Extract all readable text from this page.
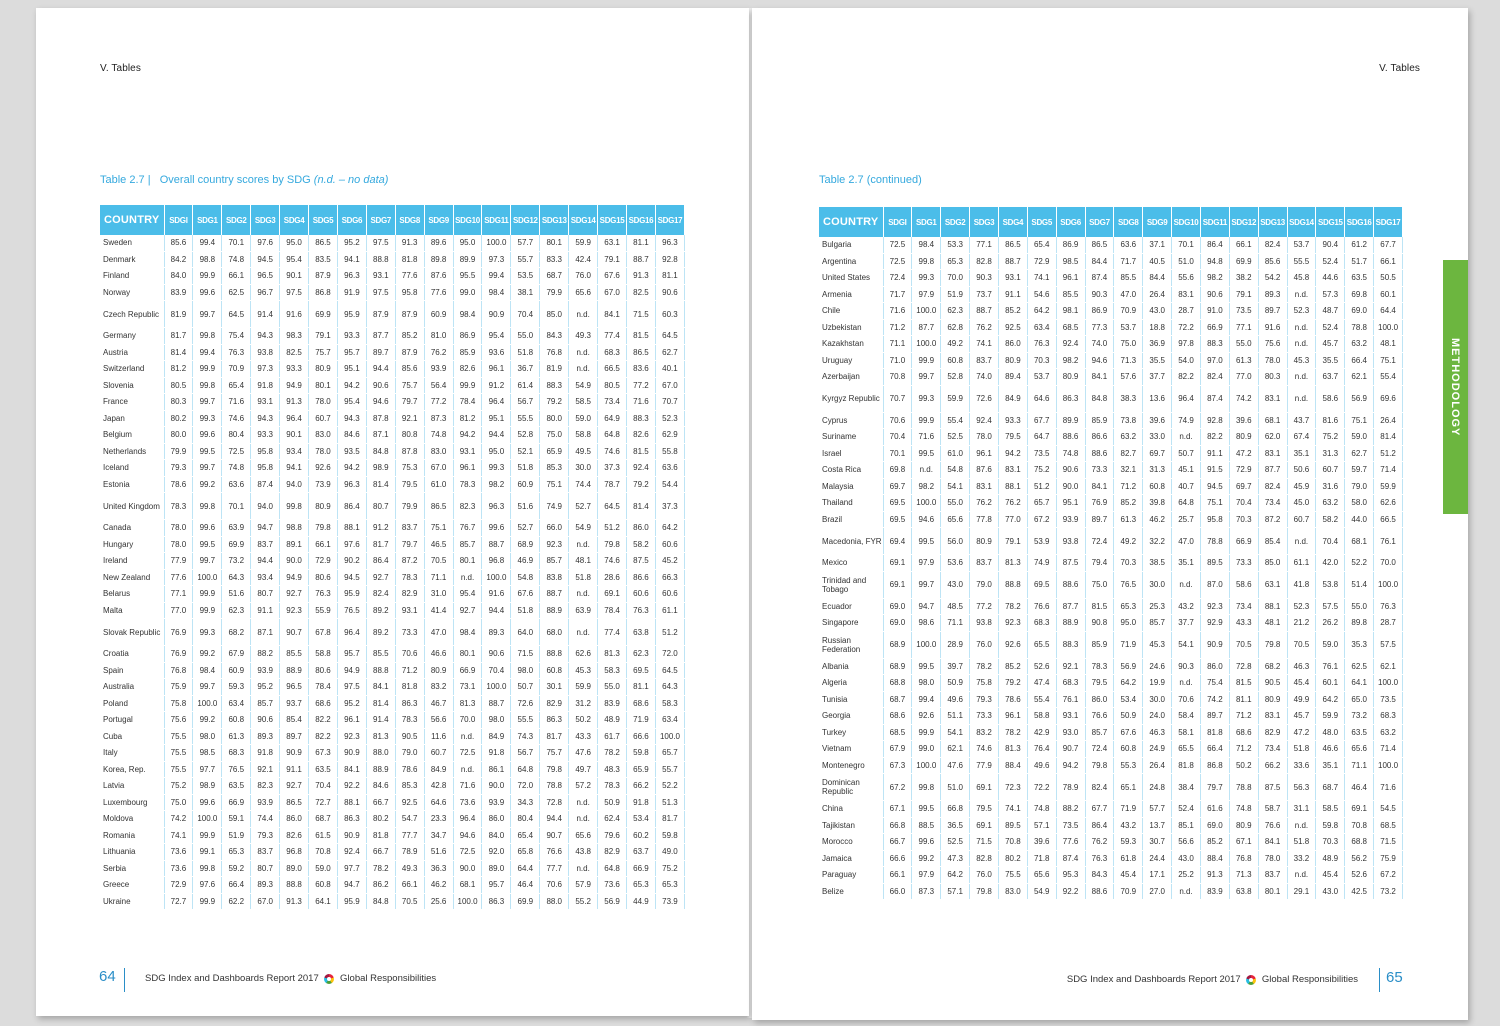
V. Tables
Table 2.7 | Overall country scores by SDG (n.d. – no data)
COUNTRY	SDGI	SDG1	SDG2	SDG3	SDG4	SDG5	SDG6	SDG7	SDG8	SDG9	SDG10	SDG11	SDG12	SDG13	SDG14	SDG15	SDG16	SDG17
Sweden	85.6	99.4	70.1	97.6	95.0	86.5	95.2	97.5	91.3	89.6	95.0	100.0	57.7	80.1	59.9	63.1	81.1	96.3
Denmark	84.2	98.8	74.8	94.5	95.4	83.5	94.1	88.8	81.8	89.8	89.9	97.3	55.7	83.3	42.4	79.1	88.7	92.8
Finland	84.0	99.9	66.1	96.5	90.1	87.9	96.3	93.1	77.6	87.6	95.5	99.4	53.5	68.7	76.0	67.6	91.3	81.1
Norway	83.9	99.6	62.5	96.7	97.5	86.8	91.9	97.5	95.8	77.6	99.0	98.4	38.1	79.9	65.6	67.0	82.5	90.6
Czech Republic	81.9	99.7	64.5	91.4	91.6	69.9	95.9	87.9	87.9	60.9	98.4	90.9	70.4	85.0	n.d.	84.1	71.5	60.3
Germany	81.7	99.8	75.4	94.3	98.3	79.1	93.3	87.7	85.2	81.0	86.9	95.4	55.0	84.3	49.3	77.4	81.5	64.5
Austria	81.4	99.4	76.3	93.8	82.5	75.7	95.7	89.7	87.9	76.2	85.9	93.6	51.8	76.8	n.d.	68.3	86.5	62.7
Switzerland	81.2	99.9	70.9	97.3	93.3	80.9	95.1	94.4	85.6	93.9	82.6	96.1	36.7	81.9	n.d.	66.5	83.6	40.1
Slovenia	80.5	99.8	65.4	91.8	94.9	80.1	94.2	90.6	75.7	56.4	99.9	91.2	61.4	88.3	54.9	80.5	77.2	67.0
France	80.3	99.7	71.6	93.1	91.3	78.0	95.4	94.6	79.7	77.2	78.4	96.4	56.7	79.2	58.5	73.4	71.6	70.7
Japan	80.2	99.3	74.6	94.3	96.4	60.7	94.3	87.8	92.1	87.3	81.2	95.1	55.5	80.0	59.0	64.9	88.3	52.3
Belgium	80.0	99.6	80.4	93.3	90.1	83.0	84.6	87.1	80.8	74.8	94.2	94.4	52.8	75.0	58.8	64.8	82.6	62.9
Netherlands	79.9	99.5	72.5	95.8	93.4	78.0	93.5	84.8	87.8	83.0	93.1	95.0	52.1	65.9	49.5	74.6	81.5	55.8
Iceland	79.3	99.7	74.8	95.8	94.1	92.6	94.2	98.9	75.3	67.0	96.1	99.3	51.8	85.3	30.0	37.3	92.4	63.6
Estonia	78.6	99.2	63.6	87.4	94.0	73.9	96.3	81.4	79.5	61.0	78.3	98.2	60.9	75.1	74.4	78.7	79.2	54.4
United Kingdom	78.3	99.8	70.1	94.0	99.8	80.9	86.4	80.7	79.9	86.5	82.3	96.3	51.6	74.9	52.7	64.5	81.4	37.3
Canada	78.0	99.6	63.9	94.7	98.8	79.8	88.1	91.2	83.7	75.1	76.7	99.6	52.7	66.0	54.9	51.2	86.0	64.2
Hungary	78.0	99.5	69.9	83.7	89.1	66.1	97.6	81.7	79.7	46.5	85.7	88.7	68.9	92.3	n.d.	79.8	58.2	60.6
Ireland	77.9	99.7	73.2	94.4	90.0	72.9	90.2	86.4	87.2	70.5	80.1	96.8	46.9	85.7	48.1	74.6	87.5	45.2
New Zealand	77.6	100.0	64.3	93.4	94.9	80.6	94.5	92.7	78.3	71.1	n.d.	100.0	54.8	83.8	51.8	28.6	86.6	66.3
Belarus	77.1	99.9	51.6	80.7	92.7	76.3	95.9	82.4	82.9	31.0	95.4	91.6	67.6	88.7	n.d.	69.1	60.6	60.6
Malta	77.0	99.9	62.3	91.1	92.3	55.9	76.5	89.2	93.1	41.4	92.7	94.4	51.8	88.9	63.9	78.4	76.3	61.1
Slovak Republic	76.9	99.3	68.2	87.1	90.7	67.8	96.4	89.2	73.3	47.0	98.4	89.3	64.0	68.0	n.d.	77.4	63.8	51.2
Croatia	76.9	99.2	67.9	88.2	85.5	58.8	95.7	85.5	70.6	46.6	80.1	90.6	71.5	88.8	62.6	81.3	62.3	72.0
Spain	76.8	98.4	60.9	93.9	88.9	80.6	94.9	88.8	71.2	80.9	66.9	70.4	98.0	60.8	45.3	58.3	69.5	64.5
Australia	75.9	99.7	59.3	95.2	96.5	78.4	97.5	84.1	81.8	83.2	73.1	100.0	50.7	30.1	59.9	55.0	81.1	64.3
Poland	75.8	100.0	63.4	85.7	93.7	68.6	95.2	81.4	86.3	46.7	81.3	88.7	72.6	82.9	31.2	83.9	68.6	58.3
Portugal	75.6	99.2	60.8	90.6	85.4	82.2	96.1	91.4	78.3	56.6	70.0	98.0	55.5	86.3	50.2	48.9	71.9	63.4
Cuba	75.5	98.0	61.3	89.3	89.7	82.2	92.3	81.3	90.5	11.6	n.d.	84.9	74.3	81.7	43.3	61.7	66.6	100.0
Italy	75.5	98.5	68.3	91.8	90.9	67.3	90.9	88.0	79.0	60.7	72.5	91.8	56.7	75.7	47.6	78.2	59.8	65.7
Korea, Rep.	75.5	97.7	76.5	92.1	91.1	63.5	84.1	88.9	78.6	84.9	n.d.	86.1	64.8	79.8	49.7	48.3	65.9	55.7
Latvia	75.2	98.9	63.5	82.3	92.7	70.4	92.2	84.6	85.3	42.8	71.6	90.0	72.0	78.8	57.2	78.3	66.2	52.2
Luxembourg	75.0	99.6	66.9	93.9	86.5	72.7	88.1	66.7	92.5	64.6	73.6	93.9	34.3	72.8	n.d.	50.9	91.8	51.3
Moldova	74.2	100.0	59.1	74.4	86.0	68.7	86.3	80.2	54.7	23.3	96.4	86.0	80.4	94.4	n.d.	62.4	53.4	81.7
Romania	74.1	99.9	51.9	79.3	82.6	61.5	90.9	81.8	77.7	34.7	94.6	84.0	65.4	90.7	65.6	79.6	60.2	59.8
Lithuania	73.6	99.1	65.3	83.7	96.8	70.8	92.4	66.7	78.9	51.6	72.5	92.0	65.8	76.6	43.8	82.9	63.7	49.0
Serbia	73.6	99.8	59.2	80.7	89.0	59.0	97.7	78.2	49.3	36.3	90.0	89.0	64.4	77.7	n.d.	64.8	66.9	75.2
Greece	72.9	97.6	66.4	89.3	88.8	60.8	94.7	86.2	66.1	46.2	68.1	95.7	46.4	70.6	57.9	73.6	65.3	65.3
Ukraine	72.7	99.9	62.2	67.0	91.3	64.1	95.9	84.8	70.5	25.6	100.0	86.3	69.9	88.0	55.2	56.9	44.9	73.9
64	SDG Index and Dashboards Report 2017 Global Responsibilities
V. Tables
Table 2.7 (continued)
COUNTRY	SDGI	SDG1	SDG2	SDG3	SDG4	SDG5	SDG6	SDG7	SDG8	SDG9	SDG10	SDG11	SDG12	SDG13	SDG14	SDG15	SDG16	SDG17
Bulgaria	72.5	98.4	53.3	77.1	86.5	65.4	86.9	86.5	63.6	37.1	70.1	86.4	66.1	82.4	53.7	90.4	61.2	67.7
Argentina	72.5	99.8	65.3	82.8	88.7	72.9	98.5	84.4	71.7	40.5	51.0	94.8	69.9	85.6	55.5	52.4	51.7	66.1
United States	72.4	99.3	70.0	90.3	93.1	74.1	96.1	87.4	85.5	84.4	55.6	98.2	38.2	54.2	45.8	44.6	63.5	50.5
Armenia	71.7	97.9	51.9	73.7	91.1	54.6	85.5	90.3	47.0	26.4	83.1	90.6	79.1	89.3	n.d.	57.3	69.8	60.1
Chile	71.6	100.0	62.3	88.7	85.2	64.2	98.1	86.9	70.9	43.0	28.7	91.0	73.5	89.7	52.3	48.7	69.0	64.4
Uzbekistan	71.2	87.7	62.8	76.2	92.5	63.4	68.5	77.3	53.7	18.8	72.2	66.9	77.1	91.6	n.d.	52.4	78.8	100.0
Kazakhstan	71.1	100.0	49.2	74.1	86.0	76.3	92.4	74.0	75.0	36.9	97.8	88.3	55.0	75.6	n.d.	45.7	63.2	48.1
Uruguay	71.0	99.9	60.8	83.7	80.9	70.3	98.2	94.6	71.3	35.5	54.0	97.0	61.3	78.0	45.3	35.5	66.4	75.1
Azerbaijan	70.8	99.7	52.8	74.0	89.4	53.7	80.9	84.1	57.6	37.7	82.2	82.4	77.0	80.3	n.d.	63.7	62.1	55.4
Kyrgyz Republic	70.7	99.3	59.9	72.6	84.9	64.6	86.3	84.8	38.3	13.6	96.4	87.4	74.2	83.1	n.d.	58.6	56.9	69.6
Cyprus	70.6	99.9	55.4	92.4	93.3	67.7	89.9	85.9	73.8	39.6	74.9	92.8	39.6	68.1	43.7	81.6	75.1	26.4
Suriname	70.4	71.6	52.5	78.0	79.5	64.7	88.6	86.6	63.2	33.0	n.d.	82.2	80.9	62.0	67.4	75.2	59.0	81.4
Israel	70.1	99.5	61.0	96.1	94.2	73.5	74.8	88.6	82.7	69.7	50.7	91.1	47.2	83.1	35.1	31.3	62.7	51.2
Costa Rica	69.8	n.d.	54.8	87.6	83.1	75.2	90.6	73.3	32.1	31.3	45.1	91.5	72.9	87.7	50.6	60.7	59.7	71.4
Malaysia	69.7	98.2	54.1	83.1	88.1	51.2	90.0	84.1	71.2	60.8	40.7	94.5	69.7	82.4	45.9	31.6	79.0	59.9
Thailand	69.5	100.0	55.0	76.2	76.2	65.7	95.1	76.9	85.2	39.8	64.8	75.1	70.4	73.4	45.0	63.2	58.0	62.6
Brazil	69.5	94.6	65.6	77.8	77.0	67.2	93.9	89.7	61.3	46.2	25.7	95.8	70.3	87.2	60.7	58.2	44.0	66.5
Macedonia, FYR	69.4	99.5	56.0	80.9	79.1	53.9	93.8	72.4	49.2	32.2	47.0	78.8	66.9	85.4	n.d.	70.4	68.1	76.1
Mexico	69.1	97.9	53.6	83.7	81.3	74.9	87.5	79.4	70.3	38.5	35.1	89.5	73.3	85.0	61.1	42.0	52.2	70.0
Trinidad and Tobago	69.1	99.7	43.0	79.0	88.8	69.5	88.6	75.0	76.5	30.0	n.d.	87.0	58.6	63.1	41.8	53.8	51.4	100.0
Ecuador	69.0	94.7	48.5	77.2	78.2	76.6	87.7	81.5	65.3	25.3	43.2	92.3	73.4	88.1	52.3	57.5	55.0	76.3
Singapore	69.0	98.6	71.1	93.8	92.3	68.3	88.9	90.8	95.0	85.7	37.7	92.9	43.3	48.1	21.2	26.2	89.8	28.7
Russian Federation	68.9	100.0	28.9	76.0	92.6	65.5	88.3	85.9	71.9	45.3	54.1	90.9	70.5	79.8	70.5	59.0	35.3	57.5
Albania	68.9	99.5	39.7	78.2	85.2	52.6	92.1	78.3	56.9	24.6	90.3	86.0	72.8	68.2	46.3	76.1	62.5	62.1
Algeria	68.8	98.0	50.9	75.8	79.2	47.4	68.3	79.5	64.2	19.9	n.d.	75.4	81.5	90.5	45.4	60.1	64.1	100.0
Tunisia	68.7	99.4	49.6	79.3	78.6	55.4	76.1	86.0	53.4	30.0	70.6	74.2	81.1	80.9	49.9	64.2	65.0	73.5
Georgia	68.6	92.6	51.1	73.3	96.1	58.8	93.1	76.6	50.9	24.0	58.4	89.7	71.2	83.1	45.7	59.9	73.2	68.3
Turkey	68.5	99.9	54.1	83.2	78.2	42.9	93.0	85.7	67.6	46.3	58.1	81.8	68.6	82.9	47.2	48.0	63.5	63.2
Vietnam	67.9	99.0	62.1	74.6	81.3	76.4	90.7	72.4	60.8	24.9	65.5	66.4	71.2	73.4	51.8	46.6	65.6	71.4
Montenegro	67.3	100.0	47.6	77.9	88.4	49.6	94.2	79.8	55.3	26.4	81.8	86.8	50.2	66.2	33.6	35.1	71.1	100.0
Dominican Republic	67.2	99.8	51.0	69.1	72.3	72.2	78.9	82.4	65.1	24.8	38.4	79.7	78.8	87.5	56.3	68.7	46.4	71.6
China	67.1	99.5	66.8	79.5	74.1	74.8	88.2	67.7	71.9	57.7	52.4	61.6	74.8	58.7	31.1	58.5	69.1	54.5
Tajikistan	66.8	88.5	36.5	69.1	89.5	57.1	73.5	86.4	43.2	13.7	85.1	69.0	80.9	76.6	n.d.	59.8	70.8	68.5
Morocco	66.7	99.6	52.5	71.5	70.8	39.6	77.6	76.2	59.3	30.7	56.6	85.2	67.1	84.1	51.8	70.3	68.8	71.5
Jamaica	66.6	99.2	47.3	82.8	80.2	71.8	87.4	76.3	61.8	24.4	43.0	88.4	76.8	78.0	33.2	48.9	56.2	75.9
Paraguay	66.1	97.9	64.2	76.0	75.5	65.6	95.3	84.3	45.4	17.1	25.2	91.3	71.3	83.7	n.d.	45.4	52.6	67.2
Belize	66.0	87.3	57.1	79.8	83.0	54.9	92.2	88.6	70.9	27.0	n.d.	83.9	63.8	80.1	29.1	43.0	42.5	73.2
SDG Index and Dashboards Report 2017 Global Responsibilities 65
METHODOLOGY
